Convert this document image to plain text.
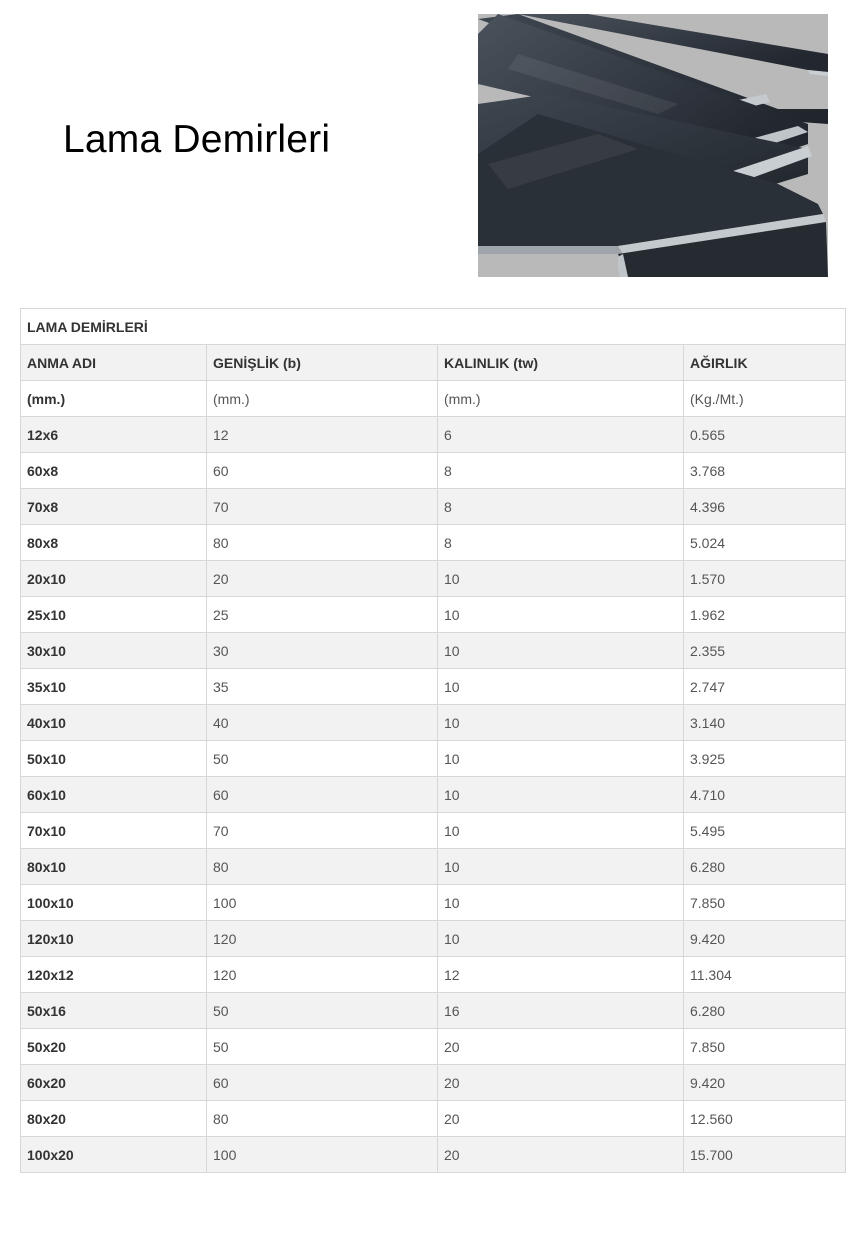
Lama Demirleri
LAMA DEMİRLERİ			
ANMA ADI	GENİŞLİK (b)	KALINLIK (tw)	AĞIRLIK
(mm.)	(mm.)	(mm.)	(Kg./Mt.)
12x6	12	6	0.565
60x8	60	8	3.768
70x8	70	8	4.396
80x8	80	8	5.024
20x10	20	10	1.570
25x10	25	10	1.962
30x10	30	10	2.355
35x10	35	10	2.747
40x10	40	10	3.140
50x10	50	10	3.925
60x10	60	10	4.710
70x10	70	10	5.495
80x10	80	10	6.280
100x10	100	10	7.850
120x10	120	10	9.420
120x12	120	12	11.304
50x16	50	16	6.280
50x20	50	20	7.850
60x20	60	20	9.420
80x20	80	20	12.560
100x20	100	20	15.700
